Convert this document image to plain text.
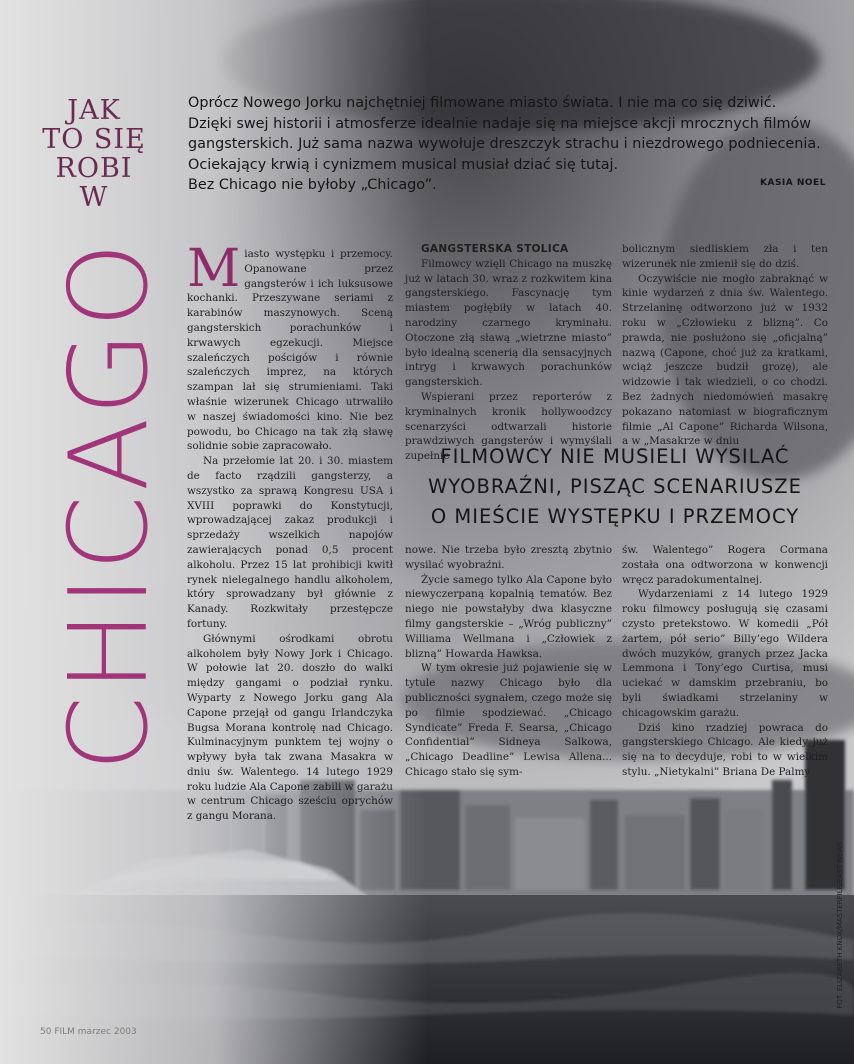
JAK
TO SIĘ
ROBI
W
CHICAGO

Oprócz Nowego Jorku najchętniej filmowane miasto świata. I nie ma co się dziwić.

Dzięki swej historii i atmosferze idealnie nadaje się na miejsce akcji mrocznych filmów

gangsterskich. Już sama nazwa wywołuje dreszczyk strachu i niezdrowego podniecenia.

Ociekający krwią i cynizmem musical musiał dziać się tutaj.

Bez Chicago nie byłoby „Chicago”.	KASIA NOEL

Miasto występku i przemocy. Opanowane przez gangsterów i ich luksusowe kochanki. Przeszywane seriami z karabinów maszynowych. Sceną gangsterskich porachunków i krwawych egzekucji. Miejsce szaleńczych pościgów i równie szaleńczych imprez, na których szampan lał się strumieniami. Taki właśnie wizerunek Chicago utrwaliło w naszej świadomości kino. Nie bez powodu, bo Chicago na tak złą sławę solidnie sobie zapracowało.

Na przełomie lat 20. i 30. miastem de facto rządzili gangsterzy, a wszystko za sprawą Kongresu USA i XVIII poprawki do Konstytucji, wprowadzającej zakaz produkcji i sprzedaży wszelkich napojów zawierających ponad 0,5 procent alkoholu. Przez 15 lat prohibicji kwitł rynek nielegalnego handlu alkoholem, który sprowadzany był głównie z Kanady. Rozkwitały przestępcze fortuny.

Głównymi ośrodkami obrotu alkoholem były Nowy Jork i Chicago. W połowie lat 20. doszło do walki między gangami o podział rynku. Wyparty z Nowego Jorku gang Ala Capone przejął od gangu Irlandczyka Bugsa Morana kontrolę nad Chicago. Kulminacyjnym punktem tej wojny o wpływy była tak zwana Masakra w dniu św. Walentego. 14 lutego 1929 roku ludzie Ala Capone zabili w garażu w centrum Chicago sześciu oprychów z gangu Morana.

GANGSTERSKA STOLICA

Filmowcy wzięli Chicago na muszkę już w latach 30. wraz z rozkwitem kina gangsterskiego. Fascynację tym miastem pogłębiły w latach 40. narodziny czarnego kryminału. Otoczone złą sławą „wietrzne miasto” było idealną scenerią dla sensacyjnych intryg i krwawych porachunków gangsterskich.

Wspierani przez reporterów z kryminalnych kronik hollywoodzcy scenarzyści odtwarzali historie prawdziwych gangsterów i wymyślali zupełnie

bolicznym siedliskiem zła i ten wizerunek nie zmienił się do dziś.

Oczywiście nie mogło zabraknąć w kinie wydarzeń z dnia św. Walentego. Strzelaninę odtworzono już w 1932 roku w „Człowieku z blizną”. Co prawda, nie posłużono się „oficjalną” nazwą (Capone, choć już za kratkami, wciąż jeszcze budził grozę), ale widzowie i tak wiedzieli, o co chodzi. Bez żadnych niedomówień masakrę pokazano natomiast w biograficznym filmie „Al Capone” Richarda Wilsona, a w „Masakrze w dniu

FILMOWCY NIE MUSIELI WYSILAĆ
WYOBRAŹNI, PISZĄC SCENARIUSZE
O MIEŚCIE WYSTĘPKU I PRZEMOCY

nowe. Nie trzeba było zresztą zbytnio wysilać wyobraźni.

Życie samego tylko Ala Capone było niewyczerpaną kopalnią tematów. Bez niego nie powstałyby dwa klasyczne filmy gangsterskie – „Wróg publiczny” Williama Wellmana i „Człowiek z blizną” Howarda Hawksa.

W tym okresie już pojawienie się w tytule nazwy Chicago było dla publiczności sygnałem, czego może się po filmie spodziewać. „Chicago Syndicate” Freda F. Searsa, „Chicago Confidential” Sidneya Salkowa, „Chicago Deadline” Lewisa Allena... Chicago stało się sym-

św. Walentego” Rogera Cormana została ona odtworzona w konwencji wręcz paradokumentalnej.

Wydarzeniami z 14 lutego 1929 roku filmowcy posługują się czasami czysto pretekstowo. W komedii „Pół żartem, pół serio” Billy’ego Wildera dwóch muzyków, granych przez Jacka Lemmona i Tony’ego Curtisa, musi uciekać w damskim przebraniu, bo byli świadkami strzelaniny w chicagowskim garażu.

Dziś kino rzadziej powraca do gangsterskiego Chicago. Ale kiedy już się na to decyduje, robi to w wielkim stylu. „Nietykalni” Briana De Palmy

FOT. ELIZABETH KNOX/MASTERFILE/EAST NEWS
50 FILM marzec 2003
